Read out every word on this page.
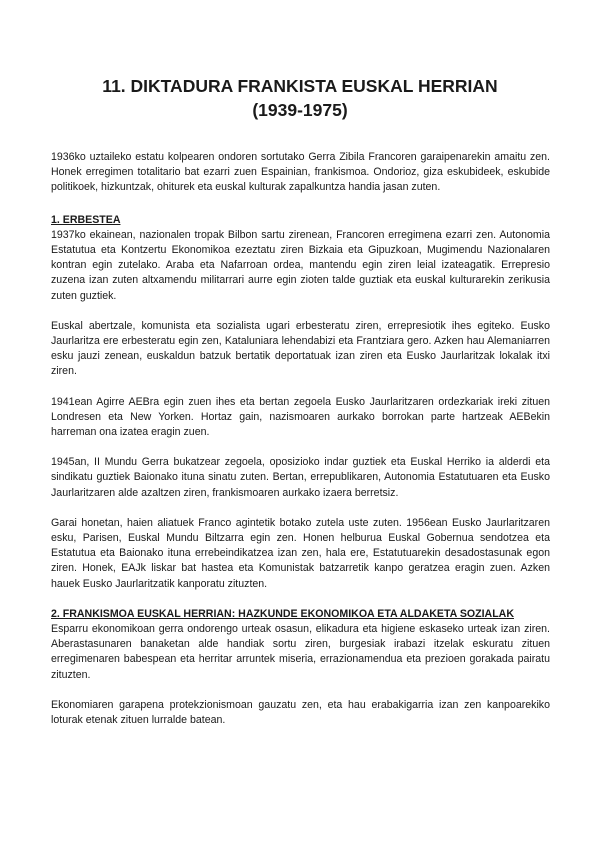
11. DIKTADURA FRANKISTA EUSKAL HERRIAN
(1939-1975)

1936ko uztaileko estatu kolpearen ondoren sortutako Gerra Zibila Francoren garaipenarekin amaitu zen. Honek erregimen totalitario bat ezarri zuen Espainian, frankismoa. Ondorioz, giza eskubideek, eskubide politikoek, hizkuntzak, ohiturek eta euskal kulturak zapalkuntza handia jasan zuten.

1. ERBESTEA

1937ko ekainean, nazionalen tropak Bilbon sartu zirenean, Francoren erregimena ezarri zen. Autonomia Estatutua eta Kontzertu Ekonomikoa ezeztatu ziren Bizkaia eta Gipuzkoan, Mugimendu Nazionalaren kontran egin zutelako. Araba eta Nafarroan ordea, mantendu egin ziren leial izateagatik. Errepresio zuzena izan zuten altxamendu militarrari aurre egin zioten talde guztiak eta euskal kulturarekin zerikusia zuten guztiek.

Euskal abertzale, komunista eta sozialista ugari erbesteratu ziren, errepresiotik ihes egiteko. Eusko Jaurlaritza ere erbesteratu egin zen, Kataluniara lehendabizi eta Frantziara gero. Azken hau Alemaniarren esku jauzi zenean, euskaldun batzuk bertatik deportatuak izan ziren eta Eusko Jaurlaritzak lokalak itxi ziren.

1941ean Agirre AEBra egin zuen ihes eta bertan zegoela Eusko Jaurlaritzaren ordezkariak ireki zituen Londresen eta New Yorken. Hortaz gain, nazismoaren aurkako borrokan parte hartzeak AEBekin harreman ona izatea eragin zuen.

1945an, II Mundu Gerra bukatzear zegoela, oposizioko indar guztiek eta Euskal Herriko ia alderdi eta sindikatu guztiek Baionako ituna sinatu zuten. Bertan, errepublikaren, Autonomia Estatutuaren eta Eusko Jaurlaritzaren alde azaltzen ziren, frankismoaren aurkako izaera berretsiz.

Garai honetan, haien aliatuek Franco agintetik botako zutela uste zuten. 1956ean Eusko Jaurlaritzaren esku, Parisen, Euskal Mundu Biltzarra egin zen. Honen helburua Euskal Gobernua sendotzea eta Estatutua eta Baionako ituna errebeindikatzea izan zen, hala ere, Estatutuarekin desadostasunak egon ziren. Honek, EAJk liskar bat hastea eta Komunistak batzarretik kanpo geratzea eragin zuen. Azken hauek Eusko Jaurlaritzatik kanporatu zituzten.

2. FRANKISMOA EUSKAL HERRIAN: HAZKUNDE EKONOMIKOA ETA ALDAKETA SOZIALAK

Esparru ekonomikoan gerra ondorengo urteak osasun, elikadura eta higiene eskaseko urteak izan ziren. Aberastasunaren banaketan alde handiak sortu ziren, burgesiak irabazi itzelak eskuratu zituen erregimenaren babespean eta herritar arruntek miseria, errazionamendua eta prezioen gorakada pairatu zituzten.

Ekonomiaren garapena protekzionismoan gauzatu zen, eta hau erabakigarria izan zen kanpoarekiko loturak etenak zituen lurralde batean.
